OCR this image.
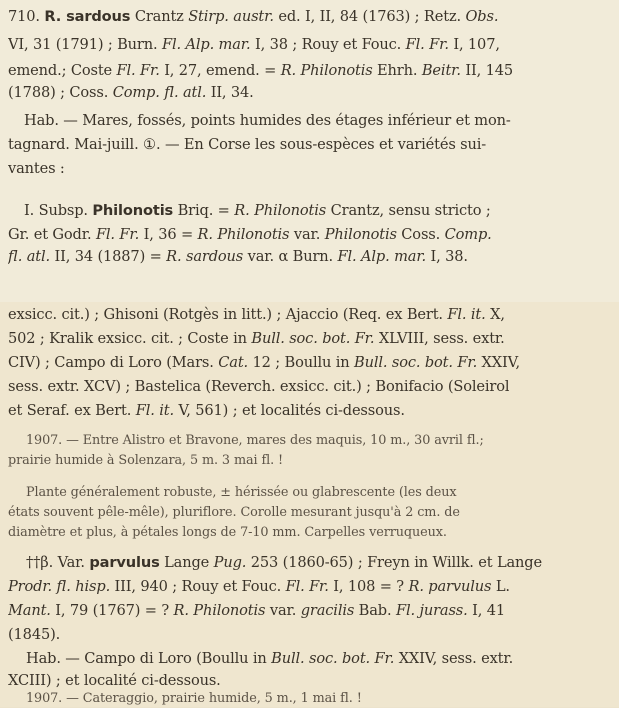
710. R. sardous Crantz Stirp. austr. ed. I, II, 84 (1763) ; Retz. Obs.
VI, 31 (1791) ; Burn. Fl. Alp. mar. I, 38 ; Rouy et Fouc. Fl. Fr. I, 107,
emend.; Coste Fl. Fr. I, 27, emend. = R. Philonotis Ehrh. Beitr. II, 145
(1788) ; Coss. Comp. fl. atl. II, 34.
Hab. — Mares, fossés, points humides des étages inférieur et mon-
tagnard. Mai-juill. ①. — En Corse les sous-espèces et variétés sui-
vantes :
I. Subsp. Philonotis Briq. = R. Philonotis Crantz, sensu stricto ;
Gr. et Godr. Fl. Fr. I, 36 = R. Philonotis var. Philonotis Coss. Comp.
fl. atl. II, 34 (1887) = R. sardous var. α Burn. Fl. Alp. mar. I, 38.
exsicc. cit.) ; Ghisoni (Rotgès in litt.) ; Ajaccio (Req. ex Bert. Fl. it. X,
502 ; Kralik exsicc. cit. ; Coste in Bull. soc. bot. Fr. XLVIII, sess. extr.
CIV) ; Campo di Loro (Mars. Cat. 12 ; Boullu in Bull. soc. bot. Fr. XXIV,
sess. extr. XCV) ; Bastelica (Reverch. exsicc. cit.) ; Bonifacio (Soleirol
et Seraf. ex Bert. Fl. it. V, 561) ; et localités ci-dessous.
1907. — Entre Alistro et Bravone, mares des maquis, 10 m., 30 avril fl.;
prairie humide à Solenzara, 5 m. 3 mai fl. !
Plante généralement robuste, ± hérissée ou glabrescente (les deux
états souvent pêle-mêle), pluriflore. Corolle mesurant jusqu'à 2 cm. de
diamètre et plus, à pétales longs de 7-10 mm. Carpelles verruqueux.
††β. Var. parvulus Lange Pug. 253 (1860-65) ; Freyn in Willk. et Lange
Prodr. fl. hisp. III, 940 ; Rouy et Fouc. Fl. Fr. I, 108 = ? R. parvulus L.
Mant. I, 79 (1767) = ? R. Philonotis var. gracilis Bab. Fl. jurass. I, 41
(1845).
Hab. — Campo di Loro (Boullu in Bull. soc. bot. Fr. XXIV, sess. extr.
XCIII) ; et localité ci-dessous.
1907. — Cateraggio, prairie humide, 5 m., 1 mai fl. !
